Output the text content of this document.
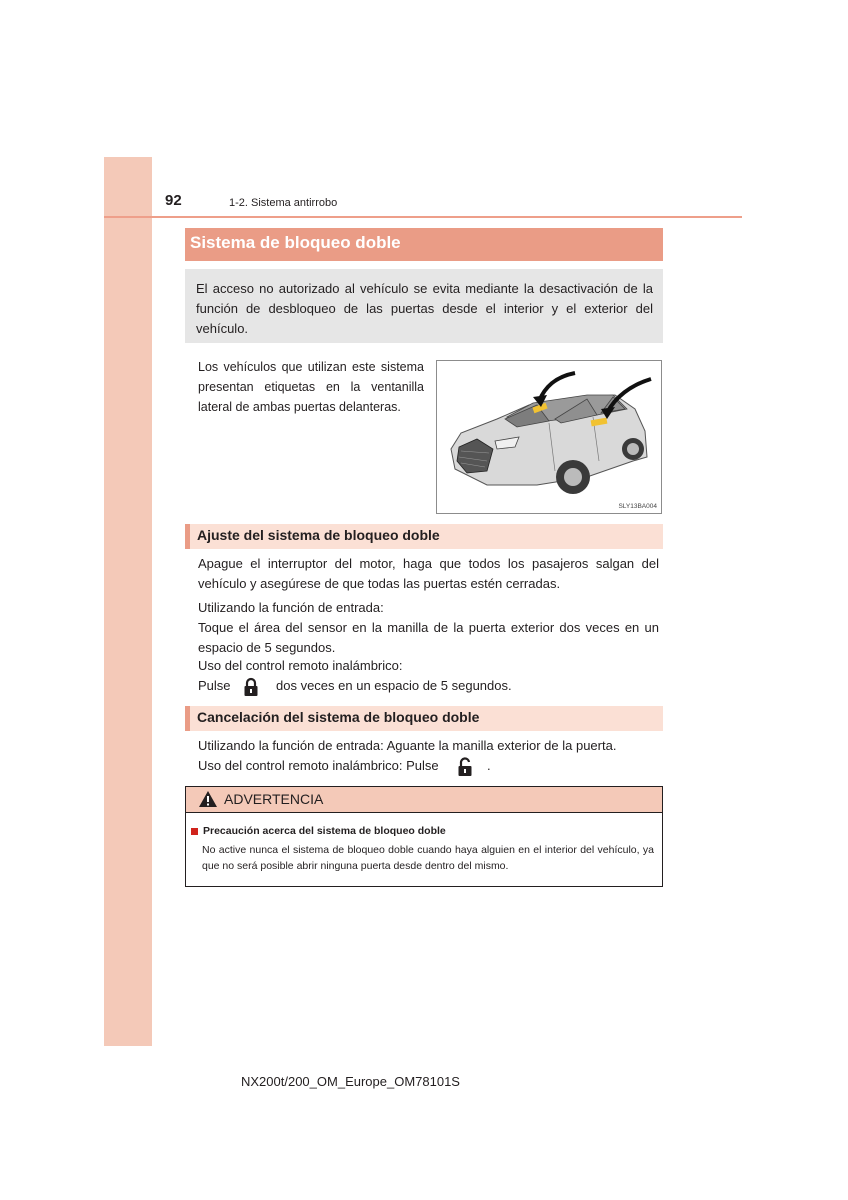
92	1-2. Sistema antirrobo
Sistema de bloqueo doble

El acceso no autorizado al vehículo se evita mediante la desactivación de la función de desbloqueo de las puertas desde el interior y el exterior del vehículo.

Los vehículos que utilizan este sistema presentan etiquetas en la ventanilla lateral de ambas puertas delanteras.

SLY13BA004
Ajuste del sistema de bloqueo doble

Apague el interruptor del motor, haga que todos los pasajeros salgan del vehículo y asegúrese de que todas las puertas estén cerradas.

Utilizando la función de entrada:

Toque el área del sensor en la manilla de la puerta exterior dos veces en un espacio de 5 segundos.

Uso del control remoto inalámbrico:

Pulse	dos veces en un espacio de 5 segundos.

Cancelación del sistema de bloqueo doble

Utilizando la función de entrada: Aguante la manilla exterior de la puerta.

Uso del control remoto inalámbrico: Pulse	.

ADVERTENCIA
Precaución acerca del sistema de bloqueo doble

No active nunca el sistema de bloqueo doble cuando haya alguien en el interior del vehículo, ya que no será posible abrir ninguna puerta desde dentro del mismo.

NX200t/200_OM_Europe_OM78101S
